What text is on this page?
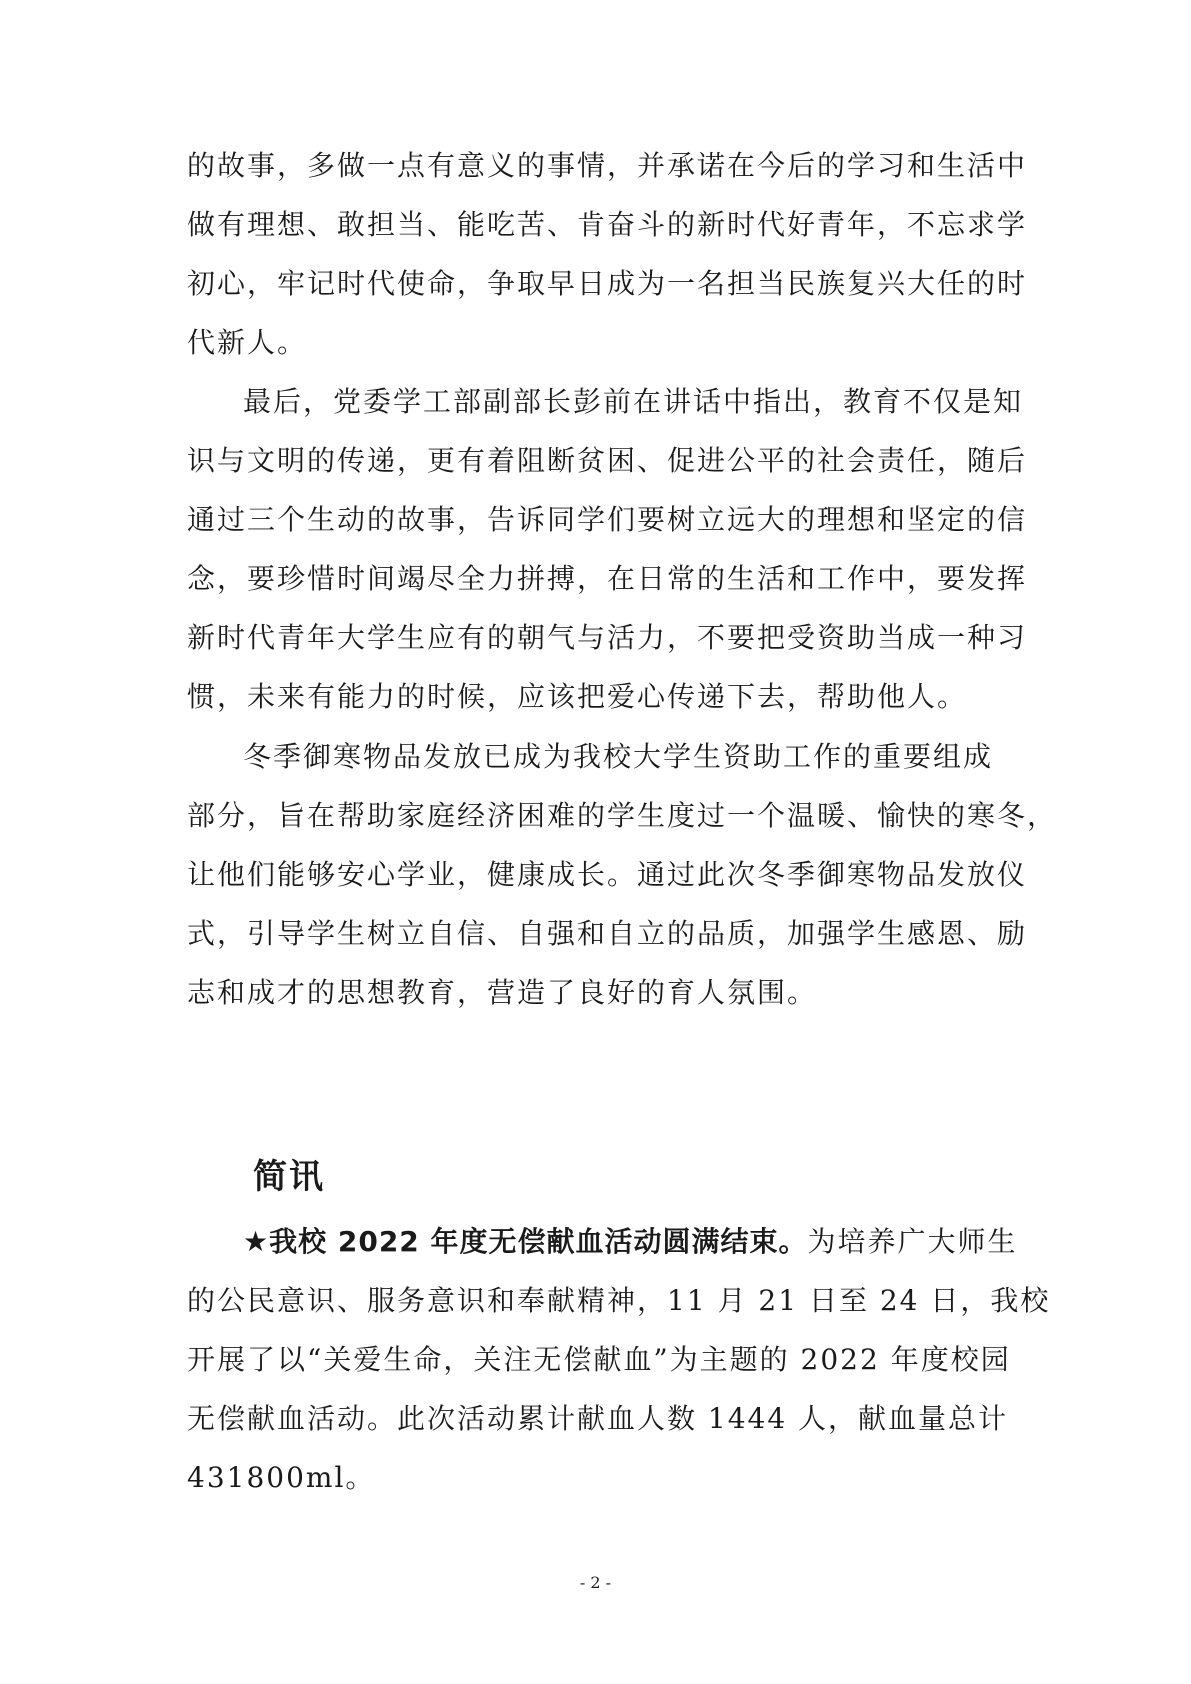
的故事，多做一点有意义的事情，并承诺在今后的学习和生活中

做有理想、敢担当、能吃苦、肯奋斗的新时代好青年，不忘求学

初心，牢记时代使命，争取早日成为一名担当民族复兴大任的时

代新人。

最后，党委学工部副部长彭前在讲话中指出，教育不仅是知

识与文明的传递，更有着阻断贫困、促进公平的社会责任，随后

通过三个生动的故事，告诉同学们要树立远大的理想和坚定的信

念，要珍惜时间竭尽全力拼搏，在日常的生活和工作中，要发挥

新时代青年大学生应有的朝气与活力，不要把受资助当成一种习

惯，未来有能力的时候，应该把爱心传递下去，帮助他人。

冬季御寒物品发放已成为我校大学生资助工作的重要组成

部分，旨在帮助家庭经济困难的学生度过一个温暖、愉快的寒冬，

让他们能够安心学业，健康成长。通过此次冬季御寒物品发放仪

式，引导学生树立自信、自强和自立的品质，加强学生感恩、励

志和成才的思想教育，营造了良好的育人氛围。

简讯

★我校 2022 年度无偿献血活动圆满结束。为培养广大师生

的公民意识、服务意识和奉献精神，11 月 21 日至 24 日，我校

开展了以“关爱生命，关注无偿献血”为主题的 2022 年度校园

无偿献血活动。此次活动累计献血人数 1444 人，献血量总计

431800ml。

- 2 -
